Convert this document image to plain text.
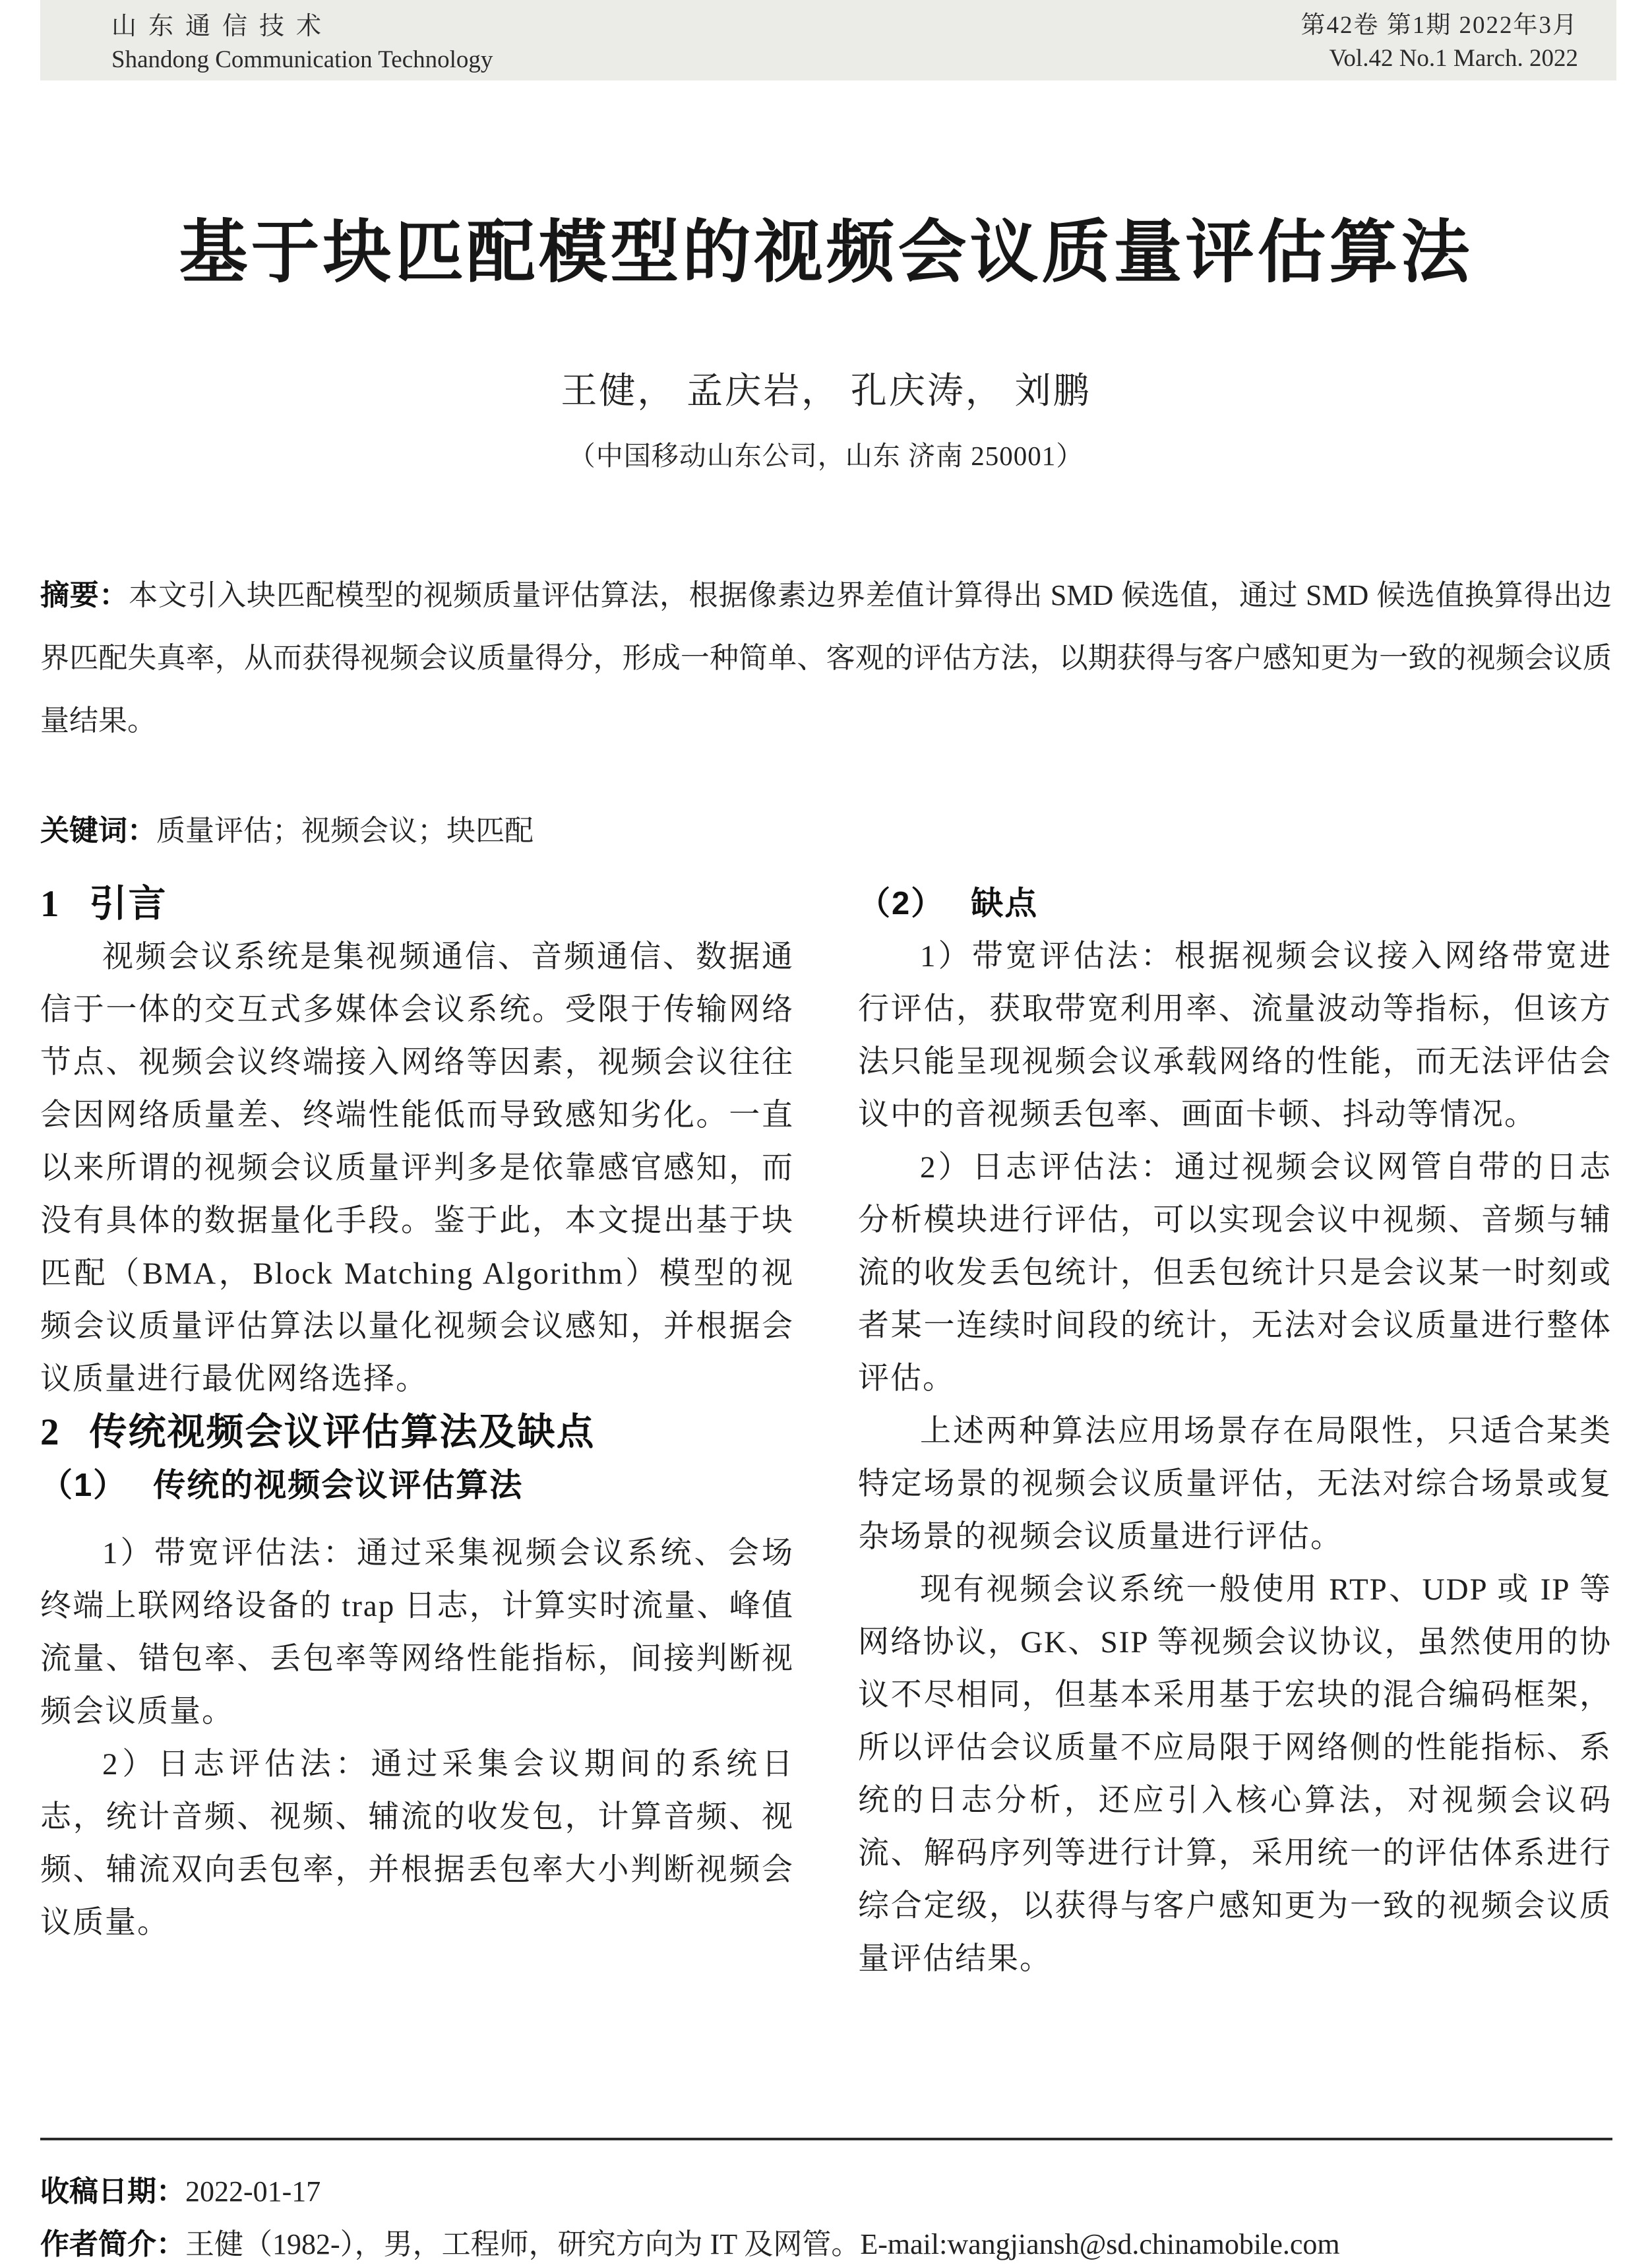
山东通信技术
Shandong Communication Technology
第42卷 第1期 2022年3月
Vol.42 No.1 March. 2022
基于块匹配模型的视频会议质量评估算法
王健， 孟庆岩， 孔庆涛， 刘鹏
（中国移动山东公司，山东 济南 250001）

摘要：本文引入块匹配模型的视频质量评估算法，根据像素边界差值计算得出 SMD 候选值，通过 SMD 候选值换算得出边界匹配失真率，从而获得视频会议质量得分，形成一种简单、客观的评估方法，以期获得与客户感知更为一致的视频会议质量结果。

关键词：质量评估；视频会议；块匹配

1 引言

视频会议系统是集视频通信、音频通信、数据通信于一体的交互式多媒体会议系统。受限于传输网络节点、视频会议终端接入网络等因素，视频会议往往会因网络质量差、终端性能低而导致感知劣化。一直以来所谓的视频会议质量评判多是依靠感官感知，而没有具体的数据量化手段。鉴于此，本文提出基于块匹配（BMA，Block Matching Algorithm）模型的视频会议质量评估算法以量化视频会议感知，并根据会议质量进行最优网络选择。

2 传统视频会议评估算法及缺点
（1） 传统的视频会议评估算法

1）带宽评估法：通过采集视频会议系统、会场终端上联网络设备的 trap 日志，计算实时流量、峰值流量、错包率、丢包率等网络性能指标，间接判断视频会议质量。

2）日志评估法：通过采集会议期间的系统日志，统计音频、视频、辅流的收发包，计算音频、视频、辅流双向丢包率，并根据丢包率大小判断视频会议质量。

（2） 缺点

1）带宽评估法：根据视频会议接入网络带宽进行评估，获取带宽利用率、流量波动等指标，但该方法只能呈现视频会议承载网络的性能，而无法评估会议中的音视频丢包率、画面卡顿、抖动等情况。

2）日志评估法：通过视频会议网管自带的日志分析模块进行评估，可以实现会议中视频、音频与辅流的收发丢包统计，但丢包统计只是会议某一时刻或者某一连续时间段的统计，无法对会议质量进行整体评估。

上述两种算法应用场景存在局限性，只适合某类特定场景的视频会议质量评估，无法对综合场景或复杂场景的视频会议质量进行评估。

现有视频会议系统一般使用 RTP、UDP 或 IP 等网络协议，GK、SIP 等视频会议协议，虽然使用的协议不尽相同，但基本采用基于宏块的混合编码框架，所以评估会议质量不应局限于网络侧的性能指标、系统的日志分析，还应引入核心算法，对视频会议码流、解码序列等进行计算，采用统一的评估体系进行综合定级，以获得与客户感知更为一致的视频会议质量评估结果。

收稿日期：2022-01-17

作者简介：王健（1982-），男，工程师，研究方向为 IT 及网管。E-mail:wangjiansh@sd.chinamobile.com
